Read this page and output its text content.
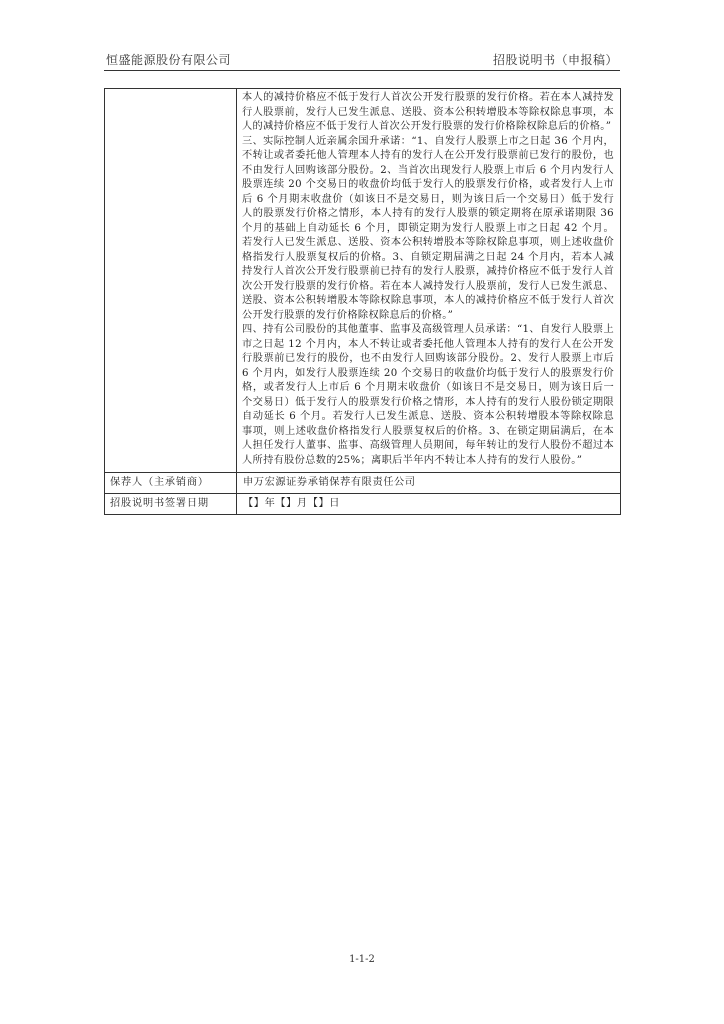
恒盛能源股份有限公司	招股说明书（申报稿）

	本人的减持价格应不低于发行人首次公开发行股票的发行价格。若在本人减持发行人股票前，发行人已发生派息、送股、资本公积转增股本等除权除息事项，本人的减持价格应不低于发行人首次公开发行股票的发行价格除权除息后的价格。”

三、实际控制人近亲属余国升承诺：“1、自发行人股票上市之日起 36 个月内，不转让或者委托他人管理本人持有的发行人在公开发行股票前已发行的股份，也不由发行人回购该部分股份。2、当首次出现发行人股票上市后 6 个月内发行人股票连续 20 个交易日的收盘价均低于发行人的股票发行价格，或者发行人上市后 6 个月期末收盘价（如该日不是交易日，则为该日后一个交易日）低于发行人的股票发行价格之情形，本人持有的发行人股票的锁定期将在原承诺期限 36 个月的基础上自动延长 6 个月，即锁定期为发行人股票上市之日起 42 个月。若发行人已发生派息、送股、资本公积转增股本等除权除息事项，则上述收盘价格指发行人股票复权后的价格。3、自锁定期届满之日起 24 个月内，若本人减持发行人首次公开发行股票前已持有的发行人股票，减持价格应不低于发行人首次公开发行股票的发行价格。若在本人减持发行人股票前，发行人已发生派息、送股、资本公积转增股本等除权除息事项，本人的减持价格应不低于发行人首次公开发行股票的发行价格除权除息后的价格。”

四、持有公司股份的其他董事、监事及高级管理人员承诺：“1、自发行人股票上市之日起 12 个月内，本人不转让或者委托他人管理本人持有的发行人在公开发行股票前已发行的股份，也不由发行人回购该部分股份。2、发行人股票上市后 6 个月内，如发行人股票连续 20 个交易日的收盘价均低于发行人的股票发行价格，或者发行人上市后 6 个月期末收盘价（如该日不是交易日，则为该日后一个交易日）低于发行人的股票发行价格之情形，本人持有的发行人股份锁定期限自动延长 6 个月。若发行人已发生派息、送股、资本公积转增股本等除权除息事项，则上述收盘价格指发行人股票复权后的价格。3、在锁定期届满后，在本人担任发行人董事、监事、高级管理人员期间，每年转让的发行人股份不超过本人所持有股份总数的25%；离职后半年内不转让本人持有的发行人股份。”

保荐人（主承销商）	申万宏源证券承销保荐有限责任公司
招股说明书签署日期	【】年【】月【】日
1-1-2
